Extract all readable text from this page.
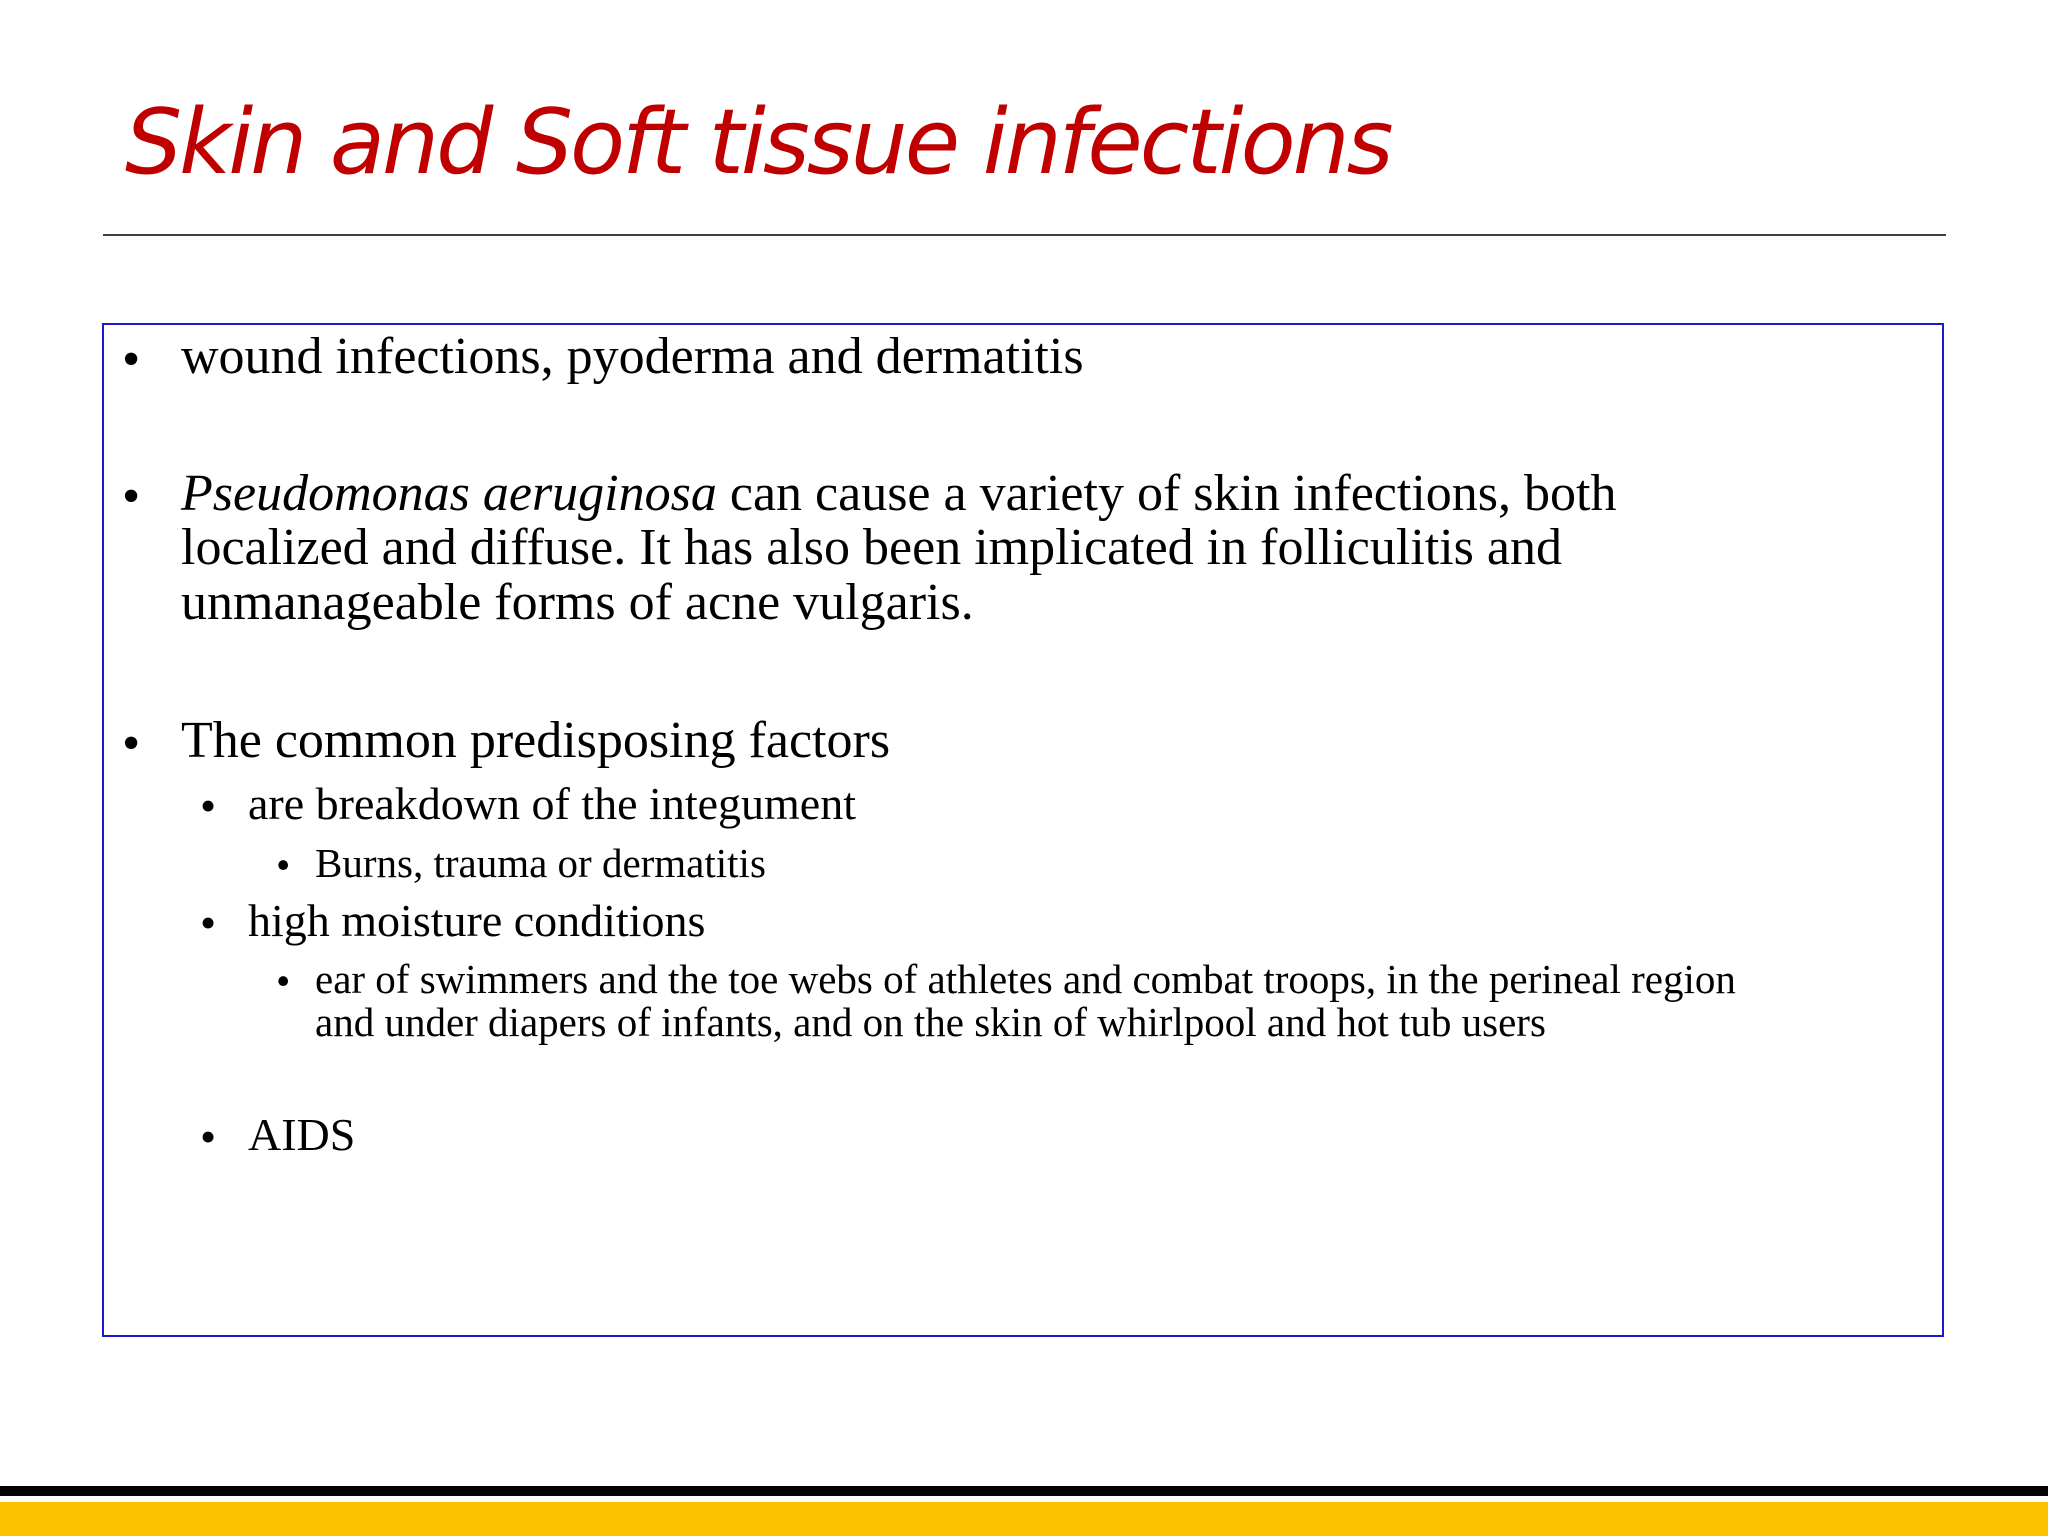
Skin and Soft tissue infections
• wound infections, pyoderma and dermatitis

• Pseudomonas aeruginosa can cause a variety of skin infections, both

localized and diffuse. It has also been implicated in folliculitis and

unmanageable forms of acne vulgaris.

• The common predisposing factors

• are breakdown of the integument

• Burns, trauma or dermatitis

• high moisture conditions

• ear of swimmers and the toe webs of athletes and combat troops, in the perineal region

and under diapers of infants, and on the skin of whirlpool and hot tub users

• AIDS
